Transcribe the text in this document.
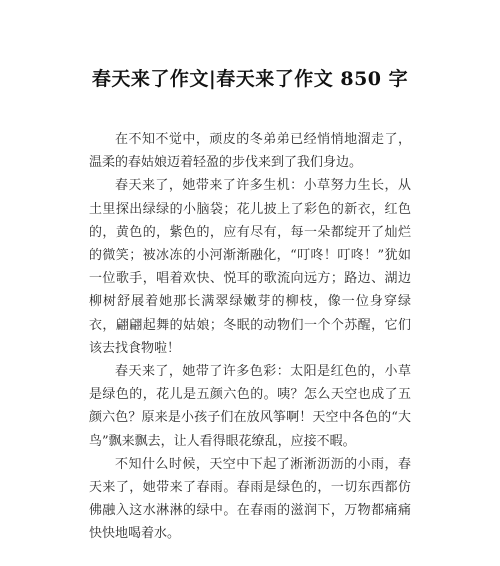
春天来了作文|春天来了作文 850 字

在不知不觉中，顽皮的冬弟弟已经悄悄地溜走了，温柔的春姑娘迈着轻盈的步伐来到了我们身边。

春天来了，她带来了许多生机：小草努力生长，从土里探出绿绿的小脑袋；花儿披上了彩色的新衣，红色的，黄色的，紫色的，应有尽有，每一朵都绽开了灿烂的微笑；被冰冻的小河渐渐融化，“叮咚！叮咚！”犹如一位歌手，唱着欢快、悦耳的歌流向远方；路边、湖边柳树舒展着她那长满翠绿嫩芽的柳枝，像一位身穿绿衣，翩翩起舞的姑娘；冬眠的动物们一个个苏醒，它们该去找食物啦！

春天来了，她带了许多色彩：太阳是红色的，小草是绿色的，花儿是五颜六色的。咦？怎么天空也成了五颜六色？原来是小孩子们在放风筝啊！天空中各色的“大鸟”飘来飘去，让人看得眼花缭乱，应接不暇。

不知什么时候，天空中下起了淅淅沥沥的小雨，春天来了，她带来了春雨。春雨是绿色的，一切东西都仿佛融入这水淋淋的绿中。在春雨的滋润下，万物都痛痛快快地喝着水。
